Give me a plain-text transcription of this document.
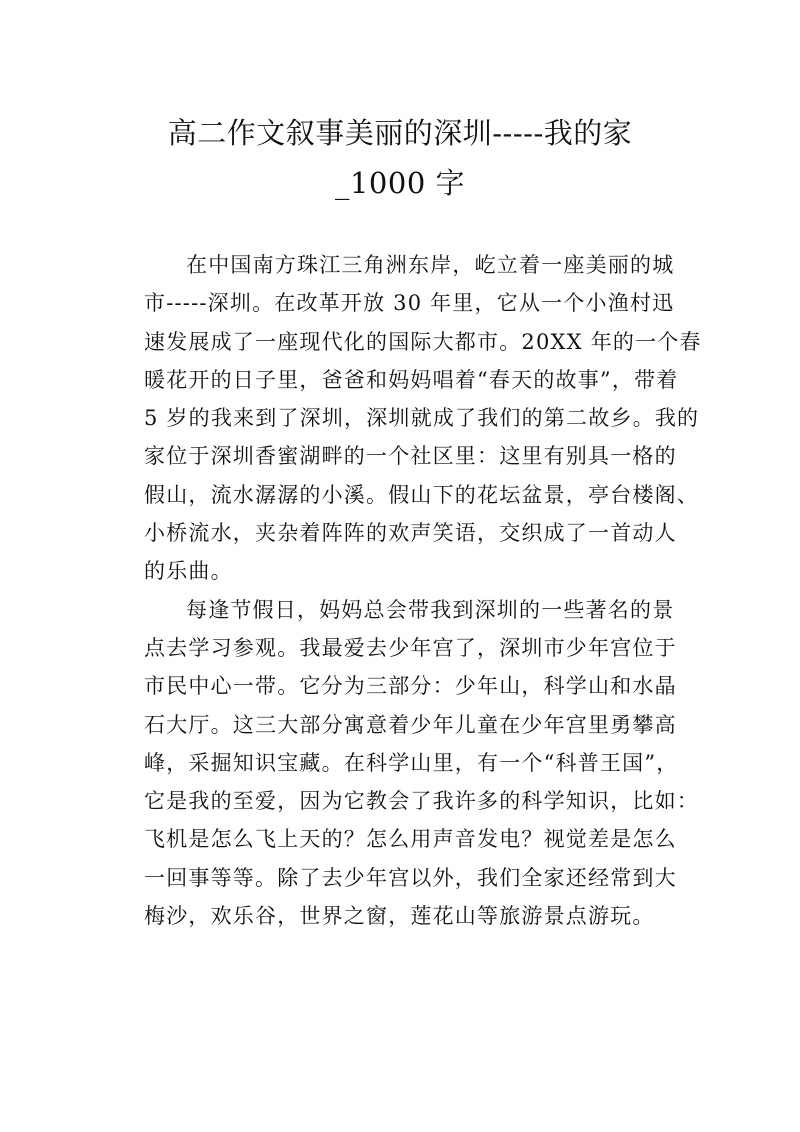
高二作文叙事美丽的深圳-----我的家
_1000 字
在中国南方珠江三角洲东岸，屹立着一座美丽的城
市-----深圳。在改革开放 30 年里，它从一个小渔村迅
速发展成了一座现代化的国际大都市。20XX 年的一个春
暖花开的日子里，爸爸和妈妈唱着“春天的故事”，带着
5 岁的我来到了深圳，深圳就成了我们的第二故乡。我的
家位于深圳香蜜湖畔的一个社区里：这里有别具一格的
假山，流水潺潺的小溪。假山下的花坛盆景，亭台楼阁、
小桥流水，夹杂着阵阵的欢声笑语，交织成了一首动人
的乐曲。
每逢节假日，妈妈总会带我到深圳的一些著名的景
点去学习参观。我最爱去少年宫了，深圳市少年宫位于
市民中心一带。它分为三部分：少年山，科学山和水晶
石大厅。这三大部分寓意着少年儿童在少年宫里勇攀高
峰，采掘知识宝藏。在科学山里，有一个“科普王国”，
它是我的至爱，因为它教会了我许多的科学知识，比如：
飞机是怎么飞上天的？怎么用声音发电？视觉差是怎么
一回事等等。除了去少年宫以外，我们全家还经常到大
梅沙，欢乐谷，世界之窗，莲花山等旅游景点游玩。
